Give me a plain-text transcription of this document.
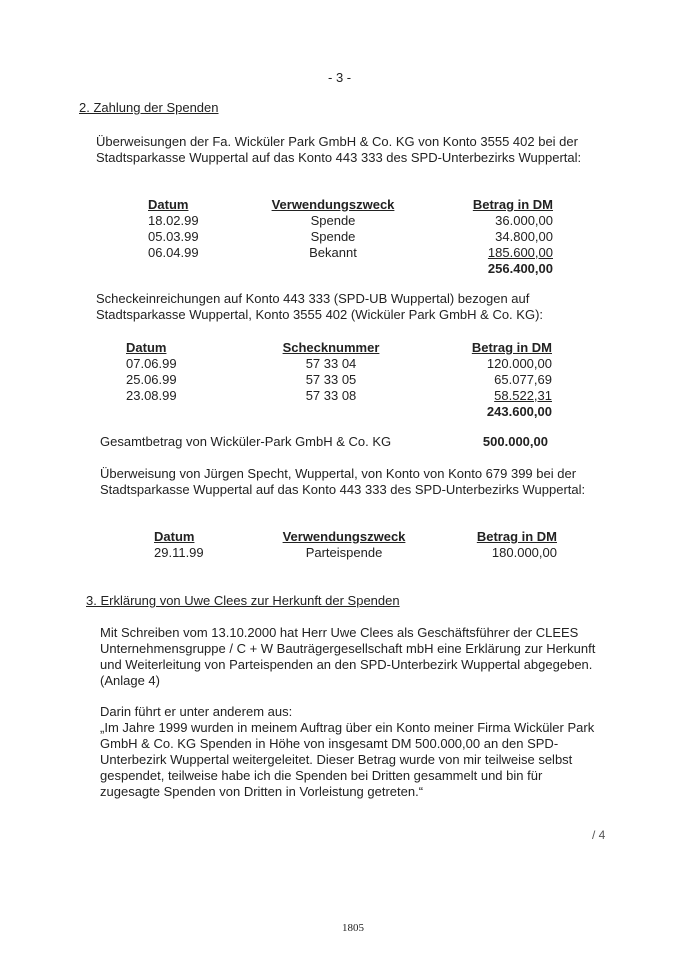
- 3 -
2. Zahlung der Spenden
Überweisungen der Fa. Wicküler Park GmbH & Co. KG von Konto 3555 402 bei der Stadtsparkasse Wuppertal auf das Konto 443 333 des SPD-Unterbezirks Wuppertal:
Datum	Verwendungszweck	Betrag in DM
18.02.99	Spende	36.000,00
05.03.99	Spende	34.800,00
06.04.99	Bekannt	185.600,00
		256.400,00
Scheckeinreichungen auf Konto 443 333 (SPD-UB Wuppertal) bezogen auf Stadtsparkasse Wuppertal, Konto 3555 402 (Wicküler Park GmbH & Co. KG):
Datum	Schecknummer	Betrag in DM
07.06.99	57 33 04	120.000,00
25.06.99	57 33 05	65.077,69
23.08.99	57 33 08	58.522,31
		243.600,00
Gesamtbetrag von Wicküler-Park GmbH & Co. KG	500.000,00
Überweisung von Jürgen Specht, Wuppertal, von Konto von Konto 679 399 bei der Stadtsparkasse Wuppertal auf das Konto 443 333 des SPD-Unterbezirks Wuppertal:
Datum	Verwendungszweck	Betrag in DM
29.11.99	Parteispende	180.000,00
3. Erklärung von Uwe Clees zur Herkunft der Spenden
Mit Schreiben vom 13.10.2000 hat Herr Uwe Clees als Geschäftsführer der CLEES Unternehmensgruppe / C + W Bauträgergesellschaft mbH eine Erklärung zur Herkunft und Weiterleitung von Parteispenden an den SPD-Unterbezirk Wuppertal abgegeben. (Anlage 4)
Darin führt er unter anderem aus:
„Im Jahre 1999 wurden in meinem Auftrag über ein Konto meiner Firma Wicküler Park GmbH & Co. KG Spenden in Höhe von insgesamt DM 500.000,00 an den SPD-Unterbezirk Wuppertal weitergeleitet. Dieser Betrag wurde von mir teilweise selbst gespendet, teilweise habe ich die Spenden bei Dritten gesammelt und bin für zugesagte Spenden von Dritten in Vorleistung getreten.“
/ 4
1805
